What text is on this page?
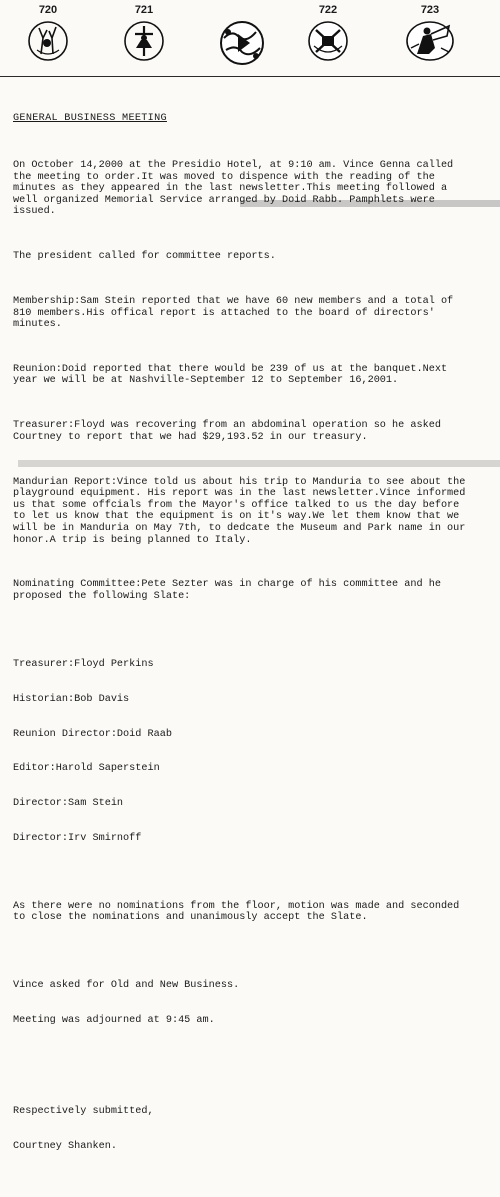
720	721	722	723

GENERAL BUSINESS MEETING

On October 14,2000 at the Presidio Hotel, at 9:10 am. Vince Genna called
the meeting to order.It was moved to dispence with the reading of the
minutes as they appeared in the last newsletter.This meeting followed a
well organized Memorial Service arranged by Doid Rabb. Pamphlets were
issued.

The president called for committee reports.

Membership:Sam Stein reported that we have 60 new members and a total of
810 members.His offical report is attached to the board of directors'
minutes.

Reunion:Doid reported that there would be 239 of us at the banquet.Next
year we will be at Nashville-September 12 to September 16,2001.

Treasurer:Floyd was recovering from an abdominal operation so he asked
Courtney to report that we had $29,193.52 in our treasury.

Mandurian Report:Vince told us about his trip to Manduria to see about the
playground equipment. His report was in the last newsletter.Vince informed
us that some offcials from the Mayor's office talked to us the day before
to let us know that the equipment is on it's way.We let them know that we
will be in Manduria on May 7th, to dedcate the Museum and Park name in our
honor.A trip is being planned to Italy.

Nominating Committee:Pete Sezter was in charge of his committee and he
proposed the following Slate:

Treasurer:Floyd Perkins

Historian:Bob Davis

Reunion Director:Doid Raab

Editor:Harold Saperstein

Director:Sam Stein

Director:Irv Smirnoff

As there were no nominations from the floor, motion was made and seconded
to close the nominations and unanimously accept the Slate.

Vince asked for Old and New Business.

Meeting was adjourned at 9:45 am.

Respectively submitted,

Courtney Shanken.
